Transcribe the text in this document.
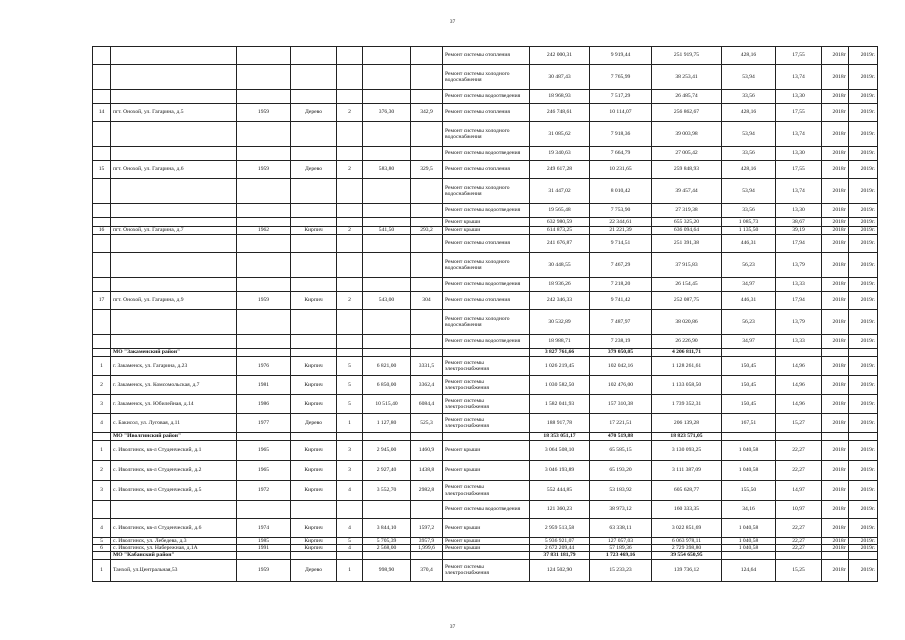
37
							Ремонт системы отопления	242 000,31	9 919,44	251 919,75	428,16	17,55	2018г	2019г.
							Ремонт системы холодного водоснабжения	30 487,43	7 765,99	38 253,41	53,94	13,74	2018г	2019г.
							Ремонт системы водоотведения	18 968,93	7 517,29	26 485,74	33,56	13,30	2018г	2019г.
14	пгт. Онохой, ул. Гагарина, д.5	1959	Дерево	2	376,30	342,9	Ремонт системы отопления	246 748,61	10 114,07	256 862,67	428,16	17,55	2018г	2019г.
							Ремонт системы холодного водоснабжения	31 085,62	7 918,36	39 003,98	53,94	13,74	2018г	2019г.
							Ремонт системы водоотведения	19 340,63	7 664,79	27 005,42	33,56	13,30	2018г	2019г.
15	пгт. Онохой, ул. Гагарина, д.6	1959	Дерево	2	583,80	329,5	Ремонт системы отопления	249 617,28	10 231,65	259 848,93	428,16	17,55	2018г	2019г.
							Ремонт системы холодного водоснабжения	31 447,02	8 010,42	39 457,44	53,94	13,74	2018г	2019г.
							Ремонт системы водоотведения	19 565,48	7 753,90	27 319,38	33,56	13,30	2018г	2019г.
							Ремонт крыши	632 980,59	22 344,61	655 325,20	1 085,73	38,67	2018г	2019г.
16	пгт. Онохой, ул. Гагарина, д.7	1962	Кирпич	2	541,50	293,2	Ремонт крыши	614 873,25	21 221,39	636 094,64	1 135,50	39,19	2018г	2019г.
							Ремонт системы отопления	241 676,87	9 714,51	251 391,38	446,31	17,94	2018г	2019г.
							Ремонт системы холодного водоснабжения	30 448,55	7 467,29	37 915,83	56,23	13,79	2018г	2019г.
							Ремонт системы водоотведения	18 936,26	7 218,20	26 154,45	34,97	13,33	2018г	2019г.
17	пгт. Онохой, ул. Гагарина, д.9	1959	Кирпич	2	543,00	304	Ремонт системы отопления	242 346,33	9 741,42	252 087,75	446,31	17,94	2018г	2019г.
							Ремонт системы холодного водоснабжения	30 532,89	7 487,97	38 020,86	56,23	13,79	2018г	2019г.
							Ремонт системы водоотведения	18 988,71	7 238,19	26 226,90	34,97	13,33	2018г	2019г.
	МО "Закаменский район"							3 827 761,66	379 050,05	4 206 811,71				
1	г. Закаменск, ул. Гагарина, д.23	1976	Кирпич	5	6 821,00	3331,5	Ремонт системы электроснабжения	1 026 219,45	102 042,16	1 128 261,61	150,45	14,96	2018г	2019г.
2	г. Закаменск, ул. Комсомольская, д.7	1981	Кирпич	5	6 850,00	3362,4	Ремонт системы электроснабжения	1 030 582,50	102 476,00	1 133 058,50	150,45	14,96	2018г	2019г.
3	г. Закаменск, ул. Юбилейная, д.14	1986	Кирпич	5	10 515,40	6084,4	Ремонт системы электроснабжения	1 582 041,93	157 310,38	1 739 352,31	150,45	14,96	2018г	2019г.
4	с. Бакисол, ул. Луговая, д.11	1977	Дерево	1	1 127,80	525,3	Ремонт системы электроснабжения	188 917,78	17 221,51	206 139,28	167,51	15,27	2018г	2019г.
	МО "Иволгинский район"							18 353 051,17	470 519,88	18 823 571,05				
1	с. Иволгинск, кв-л Студенческий, д.1	1965	Кирпич	3	2 945,00	1460,9	Ремонт крыши	3 064 508,10	65 585,15	3 130 093,25	1 040,58	22,27	2018г	2019г.
2	с. Иволгинск, кв-л Студенческий, д.2	1965	Кирпич	3	2 927,40	1438,8	Ремонт крыши	3 046 193,89	65 193,20	3 111 387,09	1 040,58	22,27	2018г	2019г.
3	с. Иволгинск, кв-л Студенческий, д.5	1972	Кирпич	4	3 552,70	2982,8	Ремонт системы электроснабжения	552 444,85	53 183,92	605 628,77	155,50	14,97	2018г	2019г.
							Ремонт системы водоотведения	121 360,23	38 973,12	160 333,35	34,16	10,97	2018г	2019г.
4	с. Иволгинск, кв-л Студенческий, д.6	1974	Кирпич	4	3 844,10	1597,2	Ремонт крыши	2 959 513,58	63 338,11	3 022 851,69	1 040,58	22,27	2018г	2019г.
5	с. Иволгинск, ул. Лебедева, д.3	1985	Кирпич	5	5 705,39	3957,9	Ремонт крыши	5 936 921,07	127 057,03	6 063 978,11	1 040,58	22,27	2018г	2019г.
6	с. Иволгинск, ул. Набережная, д.1А	1991	Кирпич	4	2 568,00	1,999,6	Ремонт крыши	2 672 209,44	57 189,36	2 729 398,80	1 040,58	22,27	2018г	2019г.
	МО "Кабанский район"							37 831 181,79	1 723 469,16	39 554 650,95				
1	Танхой, ул.Центральная,53	1959	Дерево	1	998,90	370,4	Ремонт системы электроснабжения	124 502,90	15 233,23	139 736,12	124,64	15,25	2018г	2019г.
37
